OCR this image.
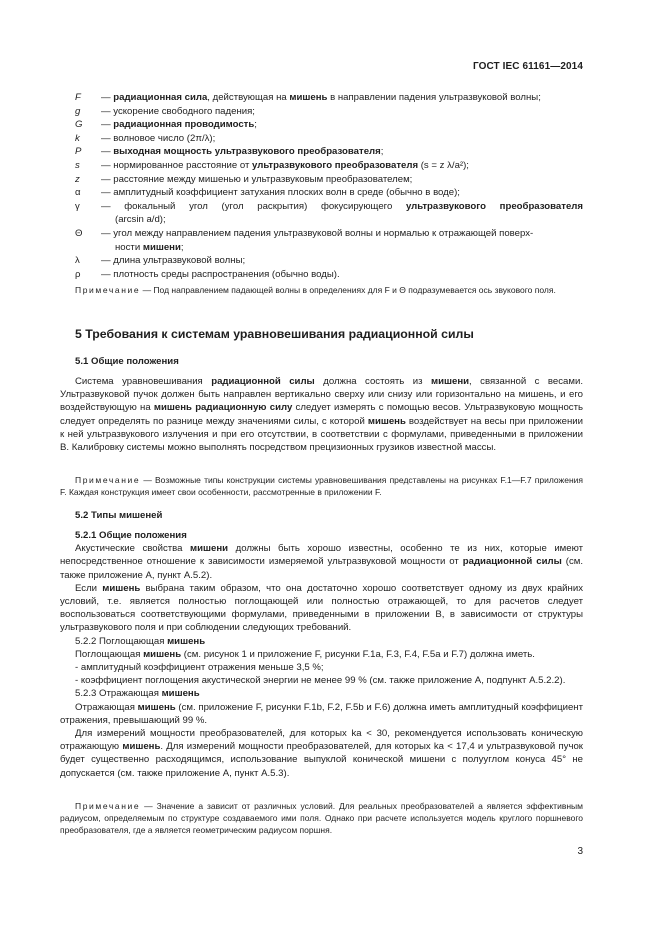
ГОСТ IEC 61161—2014
F — радиационная сила, действующая на мишень в направлении падения ультразвуковой волны;
g — ускорение свободного падения;
G — радиационная проводимость;
k — волновое число (2π/λ);
P — выходная мощность ультразвукового преобразователя;
s — нормированное расстояние от ультразвукового преобразователя (s = z λ/a²);
z — расстояние между мишенью и ультразвуковым преобразователем;
α — амплитудный коэффициент затухания плоских волн в среде (обычно в воде);
γ — фокальный угол (угол раскрытия) фокусирующего ультразвукового преобразователя
(arcsin a/d);
Θ — угол между направлением падения ультразвуковой волны и нормалью к отражающей поверх-
ности мишени;
λ — длина ультразвуковой волны;
ρ — плотность среды распространения (обычно воды).
Примечание — Под направлением падающей волны в определениях для F и Θ подразумевается ось звукового поля.
5 Требования к системам уравновешивания радиационной силы
5.1 Общие положения
Система уравновешивания радиационной силы должна состоять из мишени, связанной с весами. Ультразвуковой пучок должен быть направлен вертикально сверху или снизу или горизонтально на мишень, и его воздействующую на мишень радиационную силу следует измерять с помощью весов. Ультразвуковую мощность следует определять по разнице между значениями силы, с которой мишень воздействует на весы при приложении к ней ультразвукового излучения и при его отсутствии, в соответствии с формулами, приведенными в приложении B. Калибровку системы можно выполнять посредством прецизионных грузиков известной массы.
Примечание — Возможные типы конструкции системы уравновешивания представлены на рисунках F.1—F.7 приложения F. Каждая конструкция имеет свои особенности, рассмотренные в приложении F.
5.2 Типы мишеней
5.2.1 Общие положения
Акустические свойства мишени должны быть хорошо известны, особенно те из них, которые имеют непосредственное отношение к зависимости измеряемой ультразвуковой мощности от радиационной силы (см. также приложение A, пункт A.5.2).
Если мишень выбрана таким образом, что она достаточно хорошо соответствует одному из двух крайних условий, т.е. является полностью поглощающей или полностью отражающей, то для расчетов следует воспользоваться соответствующими формулами, приведенными в приложении B, в зависимости от структуры ультразвукового поля и при соблюдении следующих требований.
5.2.2 Поглощающая мишень
Поглощающая мишень (см. рисунок 1 и приложение F, рисунки F.1a, F.3, F.4, F.5a и F.7) должна иметь.
- амплитудный коэффициент отражения меньше 3,5 %;
- коэффициент поглощения акустической энергии не менее 99 % (см. также приложение A, подпункт A.5.2.2).
5.2.3 Отражающая мишень
Отражающая мишень (см. приложение F, рисунки F.1b, F.2, F.5b и F.6) должна иметь амплитудный коэффициент отражения, превышающий 99 %.
Для измерений мощности преобразователей, для которых ka < 30, рекомендуется использовать коническую отражающую мишень. Для измерений мощности преобразователей, для которых ka < 17,4 и ультразвуковой пучок будет существенно расходящимся, использование выпуклой конической мишени с полууглом конуса 45° не допускается (см. также приложение A, пункт A.5.3).
Примечание — Значение a зависит от различных условий. Для реальных преобразователей a является эффективным радиусом, определяемым по структуре создаваемого ими поля. Однако при расчете используется модель круглого поршневого преобразователя, где a является геометрическим радиусом поршня.
3
